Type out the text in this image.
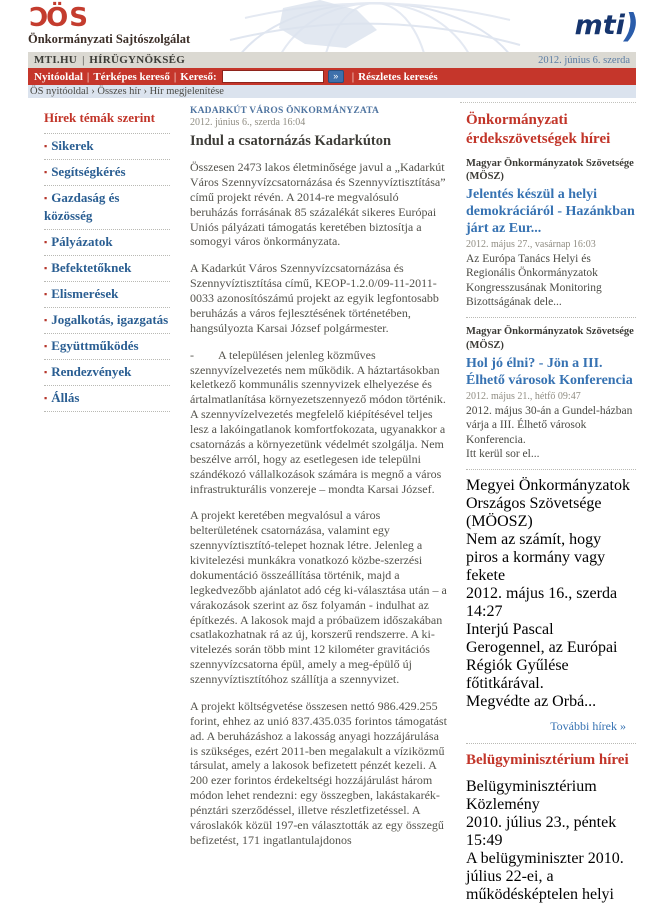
CÖS
Önkormányzati Sajtószolgálat	mti)
MTI.HU | HÍRÜGYNÖKSÉG	2012. június 6. szerda
Nyitóoldal | Térképes kereső | Kereső:	»	| Részletes keresés
ÖS nyitóoldal › Összes hír › Hír megjelenítése
Hírek témák szerint
▪ Sikerek
▪ Segítségkérés
▪ Gazdaság és közösség
▪ Pályázatok
▪ Befektetőknek
▪ Elismerések
▪ Jogalkotás, igazgatás
▪ Együttműködés
▪ Rendezvények
▪ Állás
KADARKÚT VÁROS ÖNKORMÁNYZATA
2012. június 6., szerda 16:04
Indul a csatornázás Kadarkúton

Összesen 2473 lakos életminősége javul a „Kadarkút Város Szennyvízcsatornázása és Szennyvíztisztítása” című projekt révén. A 2014-re megvalósuló beruházás forrásának 85 százalékát sikeres Európai Uniós pályázati támogatás keretében biztosítja a somogyi város önkormányzata.

A Kadarkút Város Szennyvízcsatornázása és Szennyvíztisztítása című, KEOP-1.2.0/09-11-2011-0033 azonosítószámú projekt az egyik legfontosabb beruházás a város fejlesztésének történetében, hangsúlyozta Karsai József polgármester.

-        A településen jelenleg közműves szennyvízelvezetés nem működik. A háztartásokban keletkező kommunális szennyvizek elhelyezése és ártalmatlanítása környezetszennyező módon történik. A szennyvízelvezetés megfelelő kiépítésével teljes lesz a lakóingatlanok komfortfokozata, ugyanakkor a csatornázás a környezetünk védelmét szolgálja. Nem beszélve arról, hogy az esetlegesen ide települni szándékozó vállalkozások számára is megnő a város infrastrukturális vonzereje – mondta Karsai József.

A projekt keretében megvalósul a város belterületének csatornázása, valamint egy szennyvíztisztító-telepet hoznak létre. Jelenleg a kivitelezési munkákra vonatkozó közbe-szerzési dokumentáció összeállítása történik, majd a legkedvezőbb ajánlatot adó cég ki-választása után – a várakozások szerint az ősz folyamán - indulhat az építkezés. A lakosok majd a próbaüzem időszakában csatlakozhatnak rá az új, korszerű rendszerre. A ki-vitelezés során több mint 12 kilométer gravitációs szennyvízcsatorna épül, amely a meg-épülő új szennyvíztisztítóhoz szállítja a szennyvizet.

A projekt költségvetése összesen nettó 986.429.255 forint, ehhez az unió 837.435.035 forintos támogatást ad. A beruházáshoz a lakosság anyagi hozzájárulása is szükséges, ezért 2011-ben megalakult a víziközmű társulat, amely a lakosok befizetett pénzét kezeli. A 200 ezer forintos érdekeltségi hozzájárulást három módon lehet rendezni: egy összegben, lakástakarék-pénztári szerződéssel, illetve részletfizetéssel. A városlakók közül 197-en választották az egy összegű befizetést, 171 ingatlantulajdonos

Önkormányzati érdekszövetségek hírei
Magyar Önkormányzatok Szövetsége (MÖSZ)
Jelentés készül a helyi demokráciáról - Hazánkban járt az Eur...
2012. május 27., vasárnap 16:03
Az Európa Tanács Helyi és Regionális Önkormányzatok Kongresszusának Monitoring Bizottságának dele...
Magyar Önkormányzatok Szövetsége (MÖSZ)
Hol jó élni? - Jön a III. Élhető városok Konferencia
2012. május 21., hétfő 09:47
2012. május 30-án a Gundel-házban várja a III. Élhető városok Konferencia.
Itt kerül sor el...
Megyei Önkormányzatok Országos Szövetsége (MÖOSZ)
Nem az számít, hogy piros a kormány vagy fekete
2012. május 16., szerda 14:27
Interjú Pascal Gerogennel, az Európai Régiók Gyűlése főtitkárával.
Megvédte az Orbá...
További hírek »
Belügyminisztérium hírei
Belügyminisztérium
Közlemény
2010. július 23., péntek 15:49
A belügyminiszter 2010. július 22-ei, a működésképtelen helyi
